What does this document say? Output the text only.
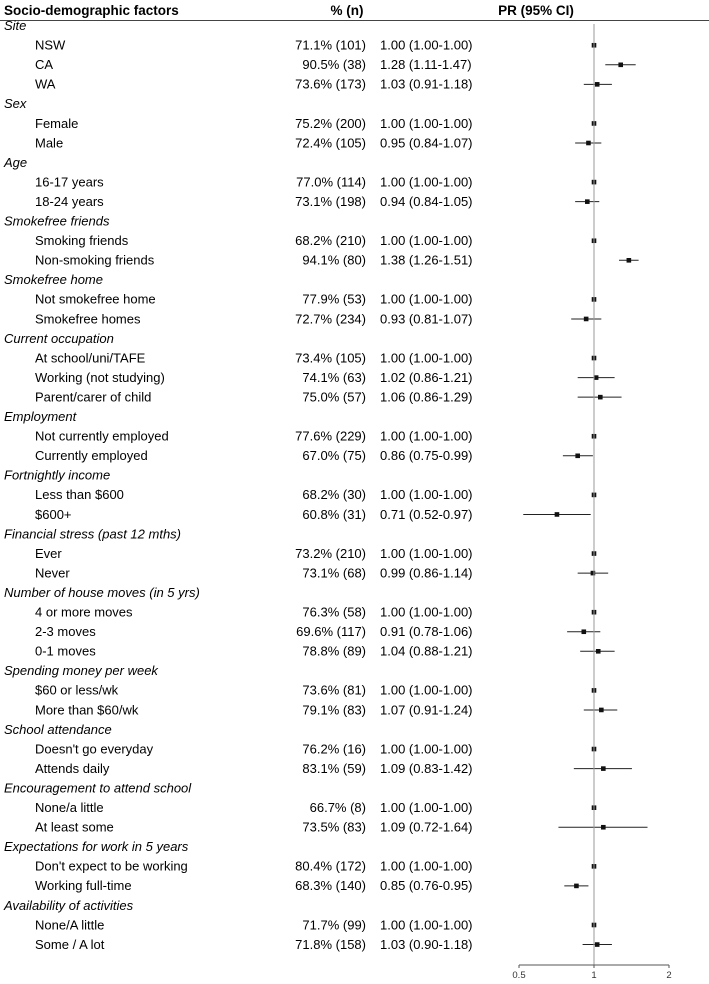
Socio-demographic factors	% (n)	PR (95% CI)
Site
NSW	71.1% (101) 1.00 (1.00-1.00)
CA	90.5% (38) 1.28 (1.11-1.47)
WA	73.6% (173) 1.03 (0.91-1.18)
Sex
Female	75.2% (200) 1.00 (1.00-1.00)
Male	72.4% (105) 0.95 (0.84-1.07)
Age
16-17 years	77.0% (114) 1.00 (1.00-1.00)
18-24 years	73.1% (198) 0.94 (0.84-1.05)
Smokefree friends
Smoking friends	68.2% (210) 1.00 (1.00-1.00)
Non-smoking friends	94.1% (80) 1.38 (1.26-1.51)
Smokefree home
Not smokefree home	77.9% (53) 1.00 (1.00-1.00)
Smokefree homes	72.7% (234) 0.93 (0.81-1.07)
Current occupation
At school/uni/TAFE	73.4% (105) 1.00 (1.00-1.00)
Working (not studying)	74.1% (63) 1.02 (0.86-1.21)
Parent/carer of child	75.0% (57) 1.06 (0.86-1.29)
Employment
Not currently employed	77.6% (229) 1.00 (1.00-1.00)
Currently employed	67.0% (75) 0.86 (0.75-0.99)
Fortnightly income
Less than $600	68.2% (30) 1.00 (1.00-1.00)
$600+	60.8% (31) 0.71 (0.52-0.97)
Financial stress (past 12 mths)
Ever	73.2% (210) 1.00 (1.00-1.00)
Never	73.1% (68) 0.99 (0.86-1.14)
Number of house moves (in 5 yrs)
4 or more moves	76.3% (58) 1.00 (1.00-1.00)
2-3 moves	69.6% (117) 0.91 (0.78-1.06)
0-1 moves	78.8% (89) 1.04 (0.88-1.21)
Spending money per week
$60 or less/wk	73.6% (81) 1.00 (1.00-1.00)
More than $60/wk	79.1% (83) 1.07 (0.91-1.24)
School attendance
Doesn't go everyday	76.2% (16) 1.00 (1.00-1.00)
Attends daily	83.1% (59) 1.09 (0.83-1.42)
Encouragement to attend school
None/a little	66.7% (8) 1.00 (1.00-1.00)
At least some	73.5% (83) 1.09 (0.72-1.64)
Expectations for work in 5 years
Don't expect to be working	80.4% (172) 1.00 (1.00-1.00)
Working full-time	68.3% (140) 0.85 (0.76-0.95)
Availability of activities
None/A little	71.7% (99) 1.00 (1.00-1.00)
Some / A lot	71.8% (158) 1.03 (0.90-1.18)
0.5	1	2
